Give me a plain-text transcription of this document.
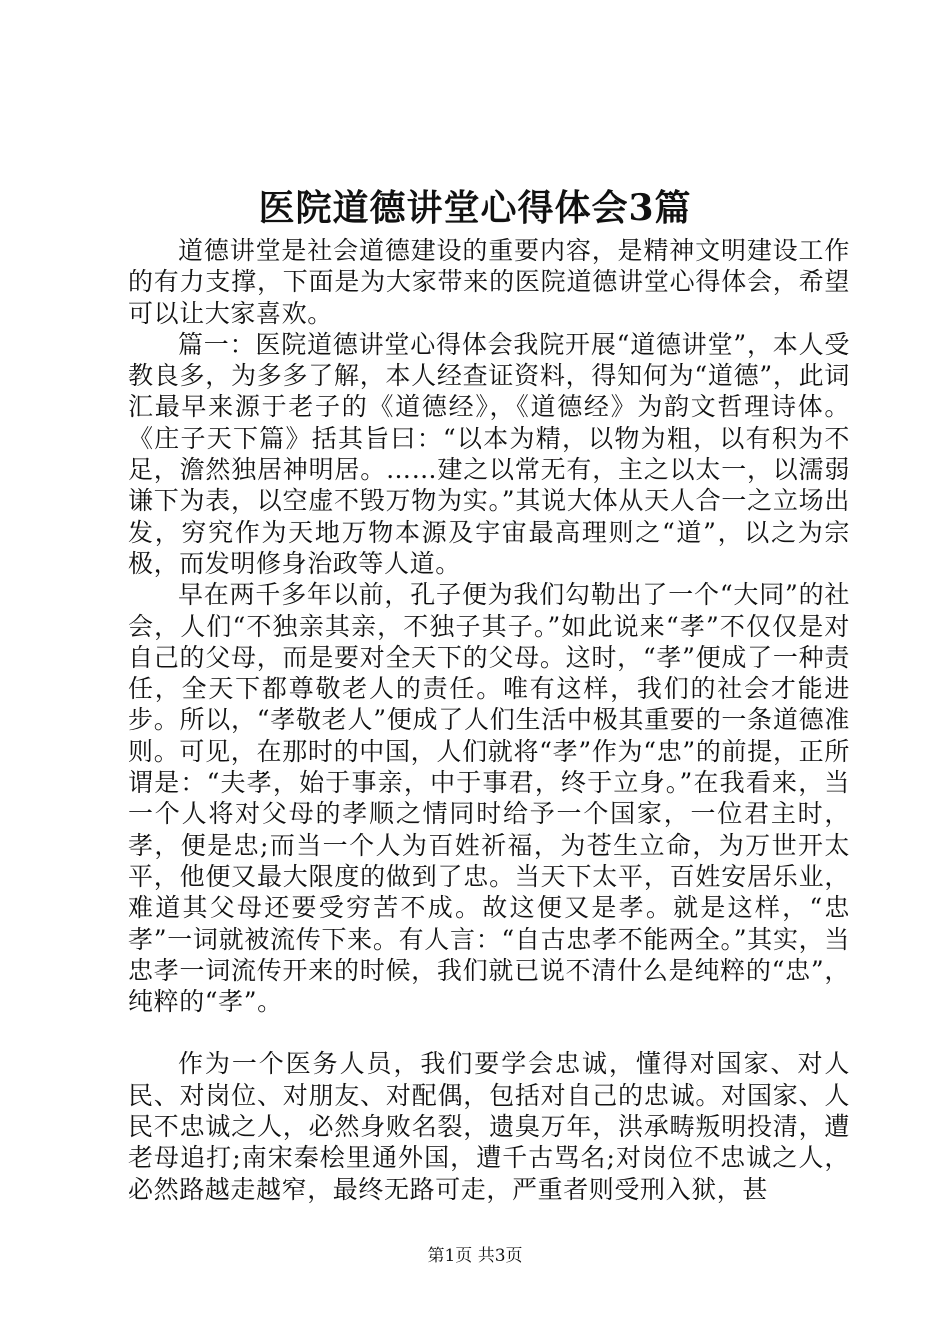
医院道德讲堂心得体会3篇

道德讲堂是社会道德建设的重要内容，是精神文明建设工作的有力支撑，下面是为大家带来的医院道德讲堂心得体会，希望可以让大家喜欢。

篇一：医院道德讲堂心得体会我院开展“道德讲堂”，本人受教良多，为多多了解，本人经查证资料，得知何为“道德”，此词汇最早来源于老子的《道德经》，《道德经》为韵文哲理诗体。《庄子天下篇》括其旨曰：“以本为精，以物为粗，以有积为不足，澹然独居神明居。……建之以常无有，主之以太一，以濡弱谦下为表，以空虚不毁万物为实。”其说大体从天人合一之立场出发，穷究作为天地万物本源及宇宙最高理则之“道”，以之为宗极，而发明修身治政等人道。

早在两千多年以前，孔子便为我们勾勒出了一个“大同”的社会，人们“不独亲其亲，不独子其子。”如此说来“孝”不仅仅是对自己的父母，而是要对全天下的父母。这时，“孝”便成了一种责任，全天下都尊敬老人的责任。唯有这样，我们的社会才能进步。所以，“孝敬老人”便成了人们生活中极其重要的一条道德准则。可见，在那时的中国，人们就将“孝”作为“忠”的前提，正所谓是：“夫孝，始于事亲，中于事君，终于立身。”在我看来，当一个人将对父母的孝顺之情同时给予一个国家，一位君主时，孝，便是忠;而当一个人为百姓祈福，为苍生立命，为万世开太平，他便又最大限度的做到了忠。当天下太平，百姓安居乐业，难道其父母还要受穷苦不成。故这便又是孝。就是这样，“忠孝”一词就被流传下来。有人言：“自古忠孝不能两全。”其实，当忠孝一词流传开来的时候，我们就已说不清什么是纯粹的“忠”，纯粹的“孝”。

作为一个医务人员，我们要学会忠诚，懂得对国家、对人民、对岗位、对朋友、对配偶，包括对自己的忠诚。对国家、人民不忠诚之人，必然身败名裂，遗臭万年，洪承畴叛明投清，遭老母追打;南宋秦桧里通外国，遭千古骂名;对岗位不忠诚之人，必然路越走越窄，最终无路可走，严重者则受刑入狱，甚

第1页 共3页
